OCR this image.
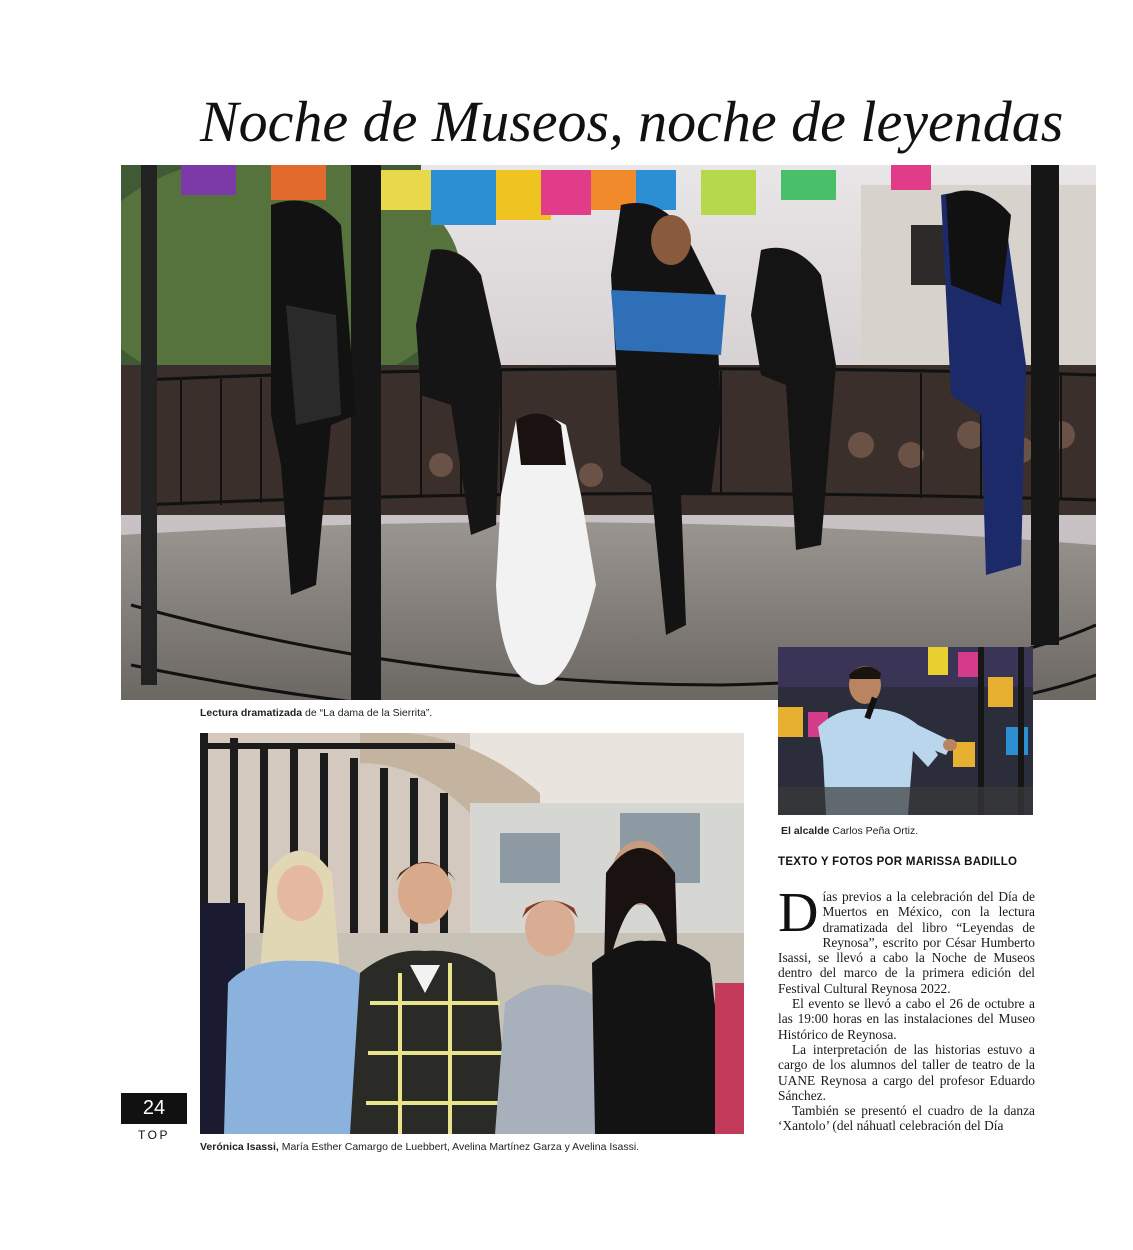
Noche de Museos, noche de leyendas
Lectura dramatizada de “La dama de la Sierrita”.
El alcalde Carlos Peña Ortiz.
Verónica Isassi, María Esther Camargo de Luebbert, Avelina Martínez Garza y Avelina Isassi.
TEXTO Y FOTOS POR MARISSA BADILLO

Días previos a la celebración del Día de Muertos en México, con la lectura dramatizada del libro “Leyendas de Reynosa”, escrito por César Humberto Isassi, se llevó a cabo la Noche de Museos dentro del marco de la primera edición del Festival Cultural Reynosa 2022.

El evento se llevó a cabo el 26 de octubre a las 19:00 horas en las instalaciones del Museo Histórico de Reynosa.

La interpretación de las historias estuvo a cargo de los alumnos del taller de teatro de la UANE Reynosa a cargo del profesor Eduardo Sánchez.

También se presentó el cuadro de la danza ‘Xantolo’ (del náhuatl celebración del Día

24
TOP
